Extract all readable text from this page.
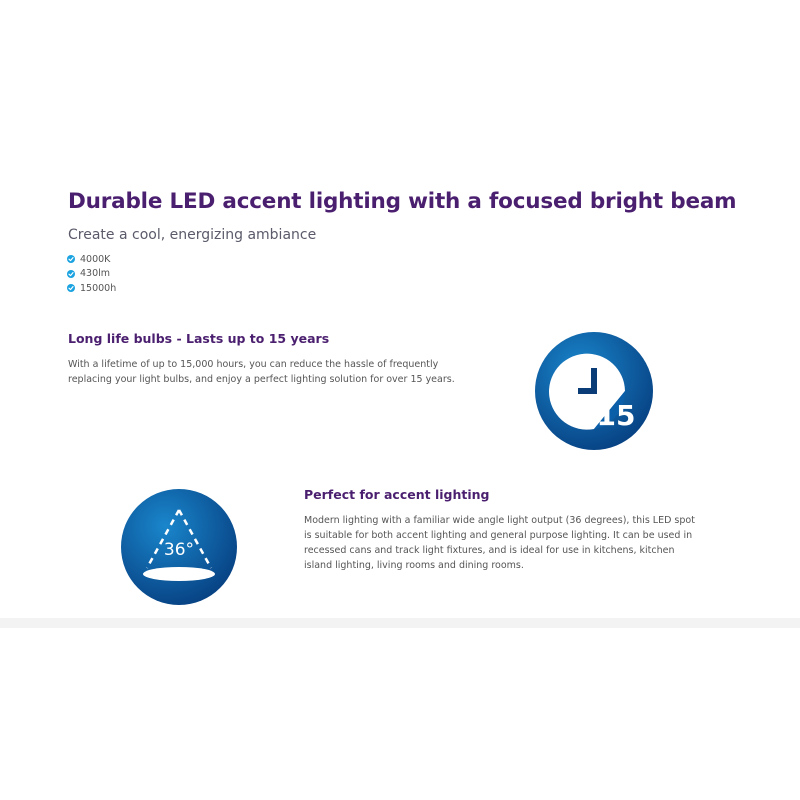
Durable LED accent lighting with a focused bright beam

Create a cool, energizing ambiance

4000K
430lm
15000h
Long life bulbs - Lasts up to 15 years

With a lifetime of up to 15,000 hours, you can reduce the hassle of frequently replacing your light bulbs, and enjoy a perfect lighting solution for over 15 years.

15
36°
Perfect for accent lighting

Modern lighting with a familiar wide angle light output (36 degrees), this LED spot is suitable for both accent lighting and general purpose lighting. It can be used in recessed cans and track light fixtures, and is ideal for use in kitchens, kitchen island lighting, living rooms and dining rooms.
